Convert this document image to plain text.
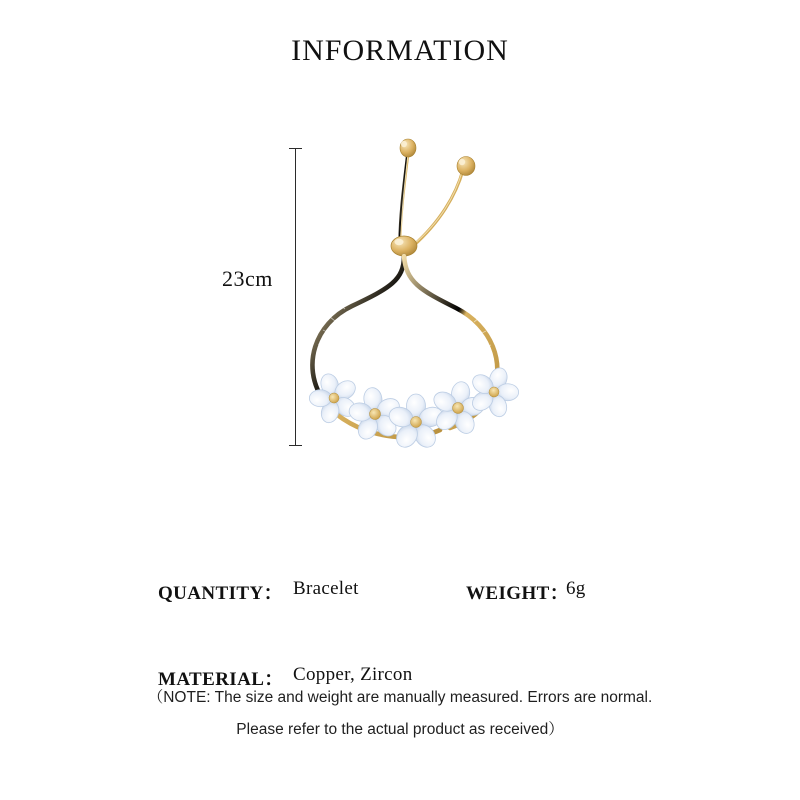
INFORMATION
23cm
QUANTITY： Bracelet	WEIGHT：
6g
MATERIAL： Copper, Zircon
（NOTE: The size and weight are manually measured. Errors are normal.
Please refer to the actual product as received）
